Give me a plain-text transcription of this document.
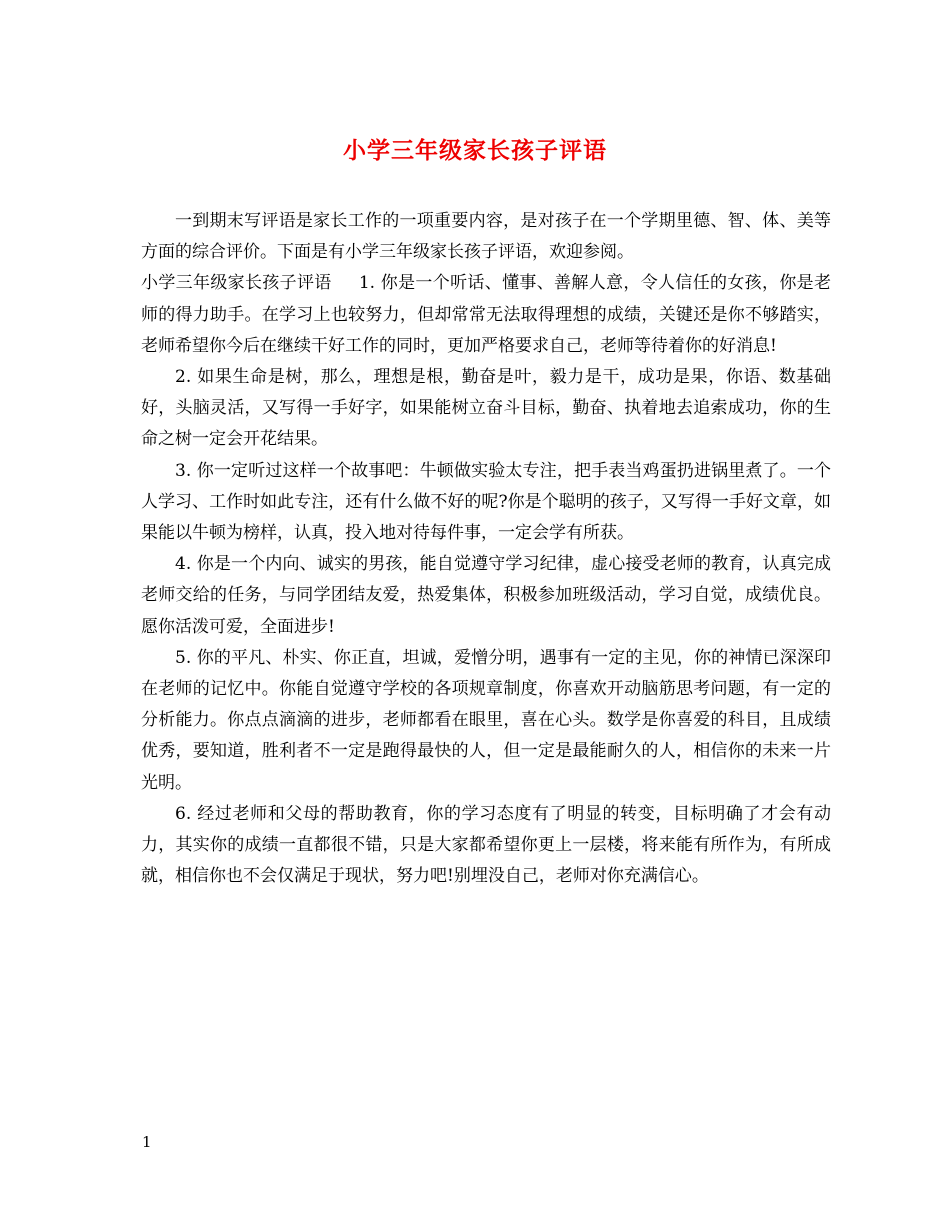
小学三年级家长孩子评语

一到期末写评语是家长工作的一项重要内容，是对孩子在一个学期里德、智、体、美等方面的综合评价。下面是有小学三年级家长孩子评语，欢迎参阅。

小学三年级家长孩子评语 1. 你是一个听话、懂事、善解人意，令人信任的女孩，你是老师的得力助手。在学习上也较努力，但却常常无法取得理想的成绩，关键还是你不够踏实，老师希望你今后在继续干好工作的同时，更加严格要求自己，老师等待着你的好消息!

2. 如果生命是树，那么，理想是根，勤奋是叶，毅力是干，成功是果，你语、数基础好，头脑灵活，又写得一手好字，如果能树立奋斗目标，勤奋、执着地去追索成功，你的生命之树一定会开花结果。

3. 你一定听过这样一个故事吧：牛顿做实验太专注，把手表当鸡蛋扔进锅里煮了。一个人学习、工作时如此专注，还有什么做不好的呢?你是个聪明的孩子，又写得一手好文章，如果能以牛顿为榜样，认真，投入地对待每件事，一定会学有所获。

4. 你是一个内向、诚实的男孩，能自觉遵守学习纪律，虚心接受老师的教育，认真完成老师交给的任务，与同学团结友爱，热爱集体，积极参加班级活动，学习自觉，成绩优良。愿你活泼可爱，全面进步!

5. 你的平凡、朴实、你正直，坦诚，爱憎分明，遇事有一定的主见，你的神情已深深印在老师的记忆中。你能自觉遵守学校的各项规章制度，你喜欢开动脑筋思考问题，有一定的分析能力。你点点滴滴的进步，老师都看在眼里，喜在心头。数学是你喜爱的科目，且成绩优秀，要知道，胜利者不一定是跑得最快的人，但一定是最能耐久的人，相信你的未来一片光明。

6. 经过老师和父母的帮助教育，你的学习态度有了明显的转变，目标明确了才会有动力，其实你的成绩一直都很不错，只是大家都希望你更上一层楼，将来能有所作为，有所成就，相信你也不会仅满足于现状，努力吧!别埋没自己，老师对你充满信心。

1
